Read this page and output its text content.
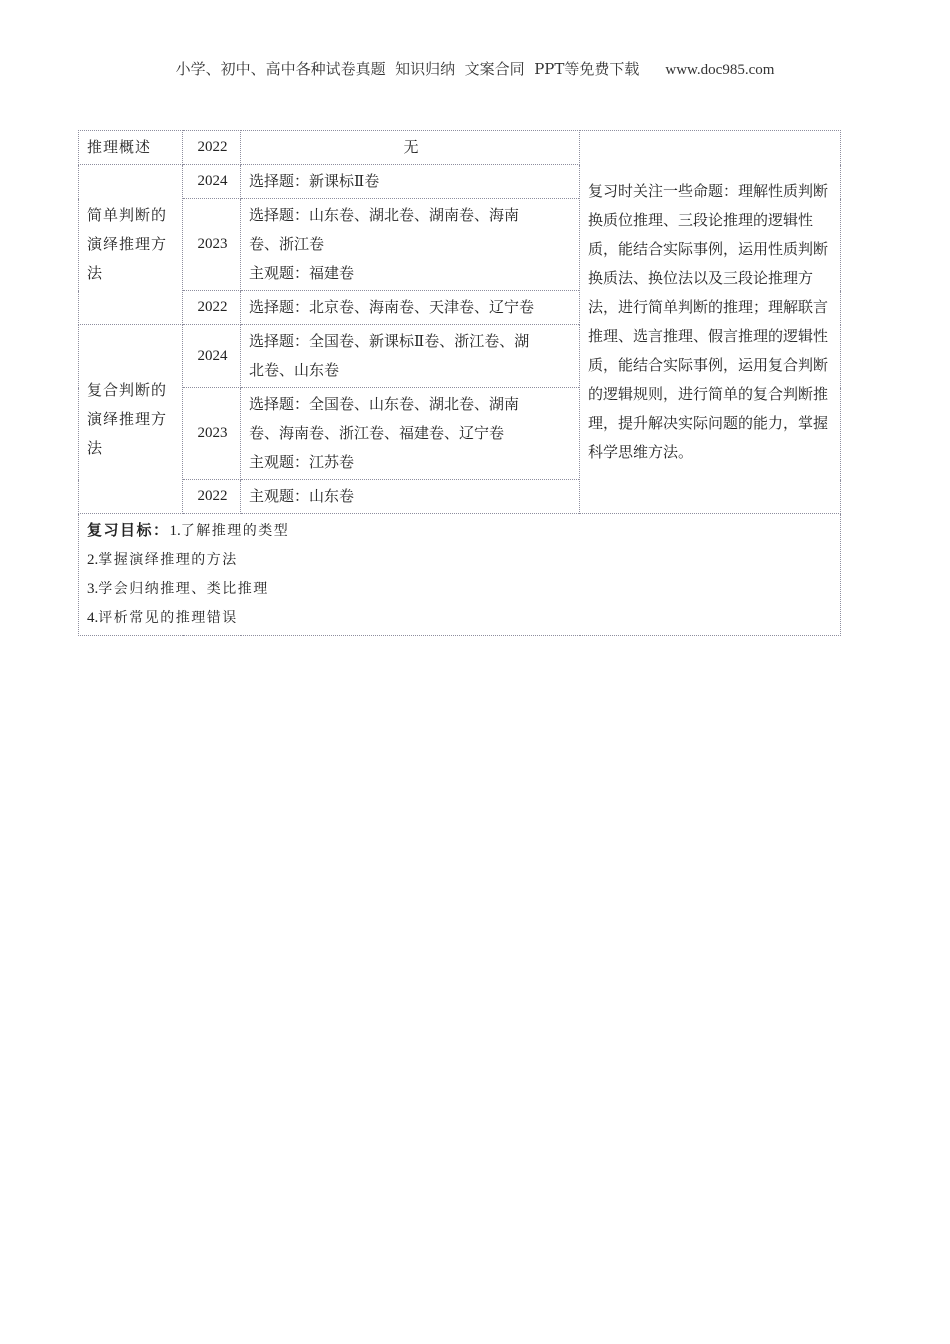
小学、初中、高中各种试卷真题  知识归纳  文案合同  PPT等免费下载 www.doc985.com
推理概述	2022	无	复习时关注一些命题：理解性质判断换质位推理、三段论推理的逻辑性质，能结合实际事例，运用性质判断换质法、换位法以及三段论推理方法，进行简单判断的推理；理解联言推理、选言推理、假言推理的逻辑性质，能结合实际事例，运用复合判断的逻辑规则，进行简单的复合判断推理，提升解决实际问题的能力，掌握科学思维方法。
简单判断的演绎推理方法	2024	选择题：新课标Ⅱ卷	

	2023	选择题：山东卷、湖北卷、湖南卷、海南
卷、浙江卷
主观题：福建卷	

	2022	选择题：北京卷、海南卷、天津卷、辽宁卷	

复合判断的演绎推理方法	2024	选择题：全国卷、新课标Ⅱ卷、浙江卷、湖
北卷、山东卷	

	2023	选择题：全国卷、山东卷、湖北卷、湖南
卷、海南卷、浙江卷、福建卷、辽宁卷
主观题：江苏卷	

	2022	主观题：山东卷	

复习目标：1.了解推理的类型
2.掌握演绎推理的方法
3.学会归纳推理、类比推理
4.评析常见的推理错误			
